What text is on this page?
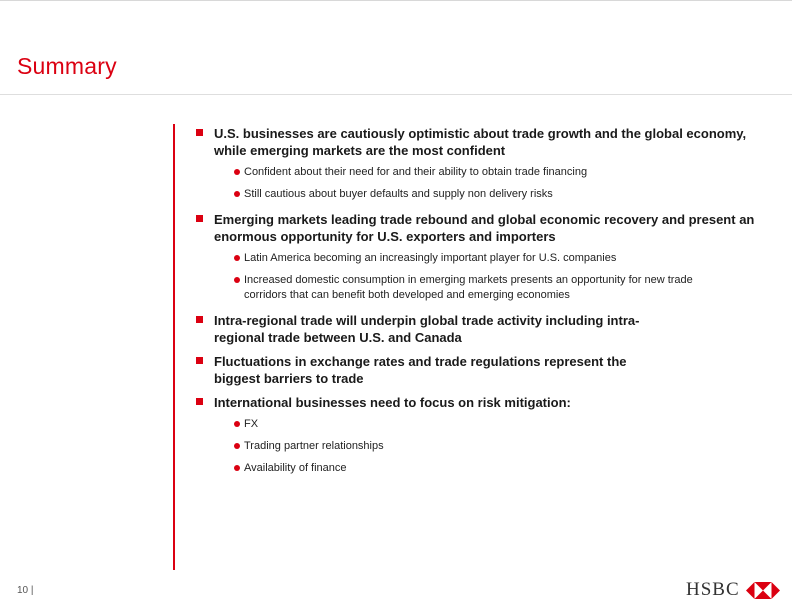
Summary
U.S. businesses are cautiously optimistic about trade growth and the global economy, while emerging markets are the most confident
Confident about their need for and their ability to obtain trade financing
Still cautious about buyer defaults and supply non delivery risks
Emerging markets leading trade rebound and global economic recovery and present an enormous opportunity for U.S. exporters and importers
Latin America becoming an increasingly important player for U.S. companies
Increased domestic consumption in emerging markets presents an opportunity for new trade corridors that can benefit both developed and emerging economies
Intra-regional trade will underpin global trade activity including intra-regional trade between U.S. and Canada
Fluctuations in exchange rates and trade regulations represent the biggest barriers to trade
International businesses need to focus on risk mitigation:
FX
Trading partner relationships
Availability of finance
10 |	HSBC
